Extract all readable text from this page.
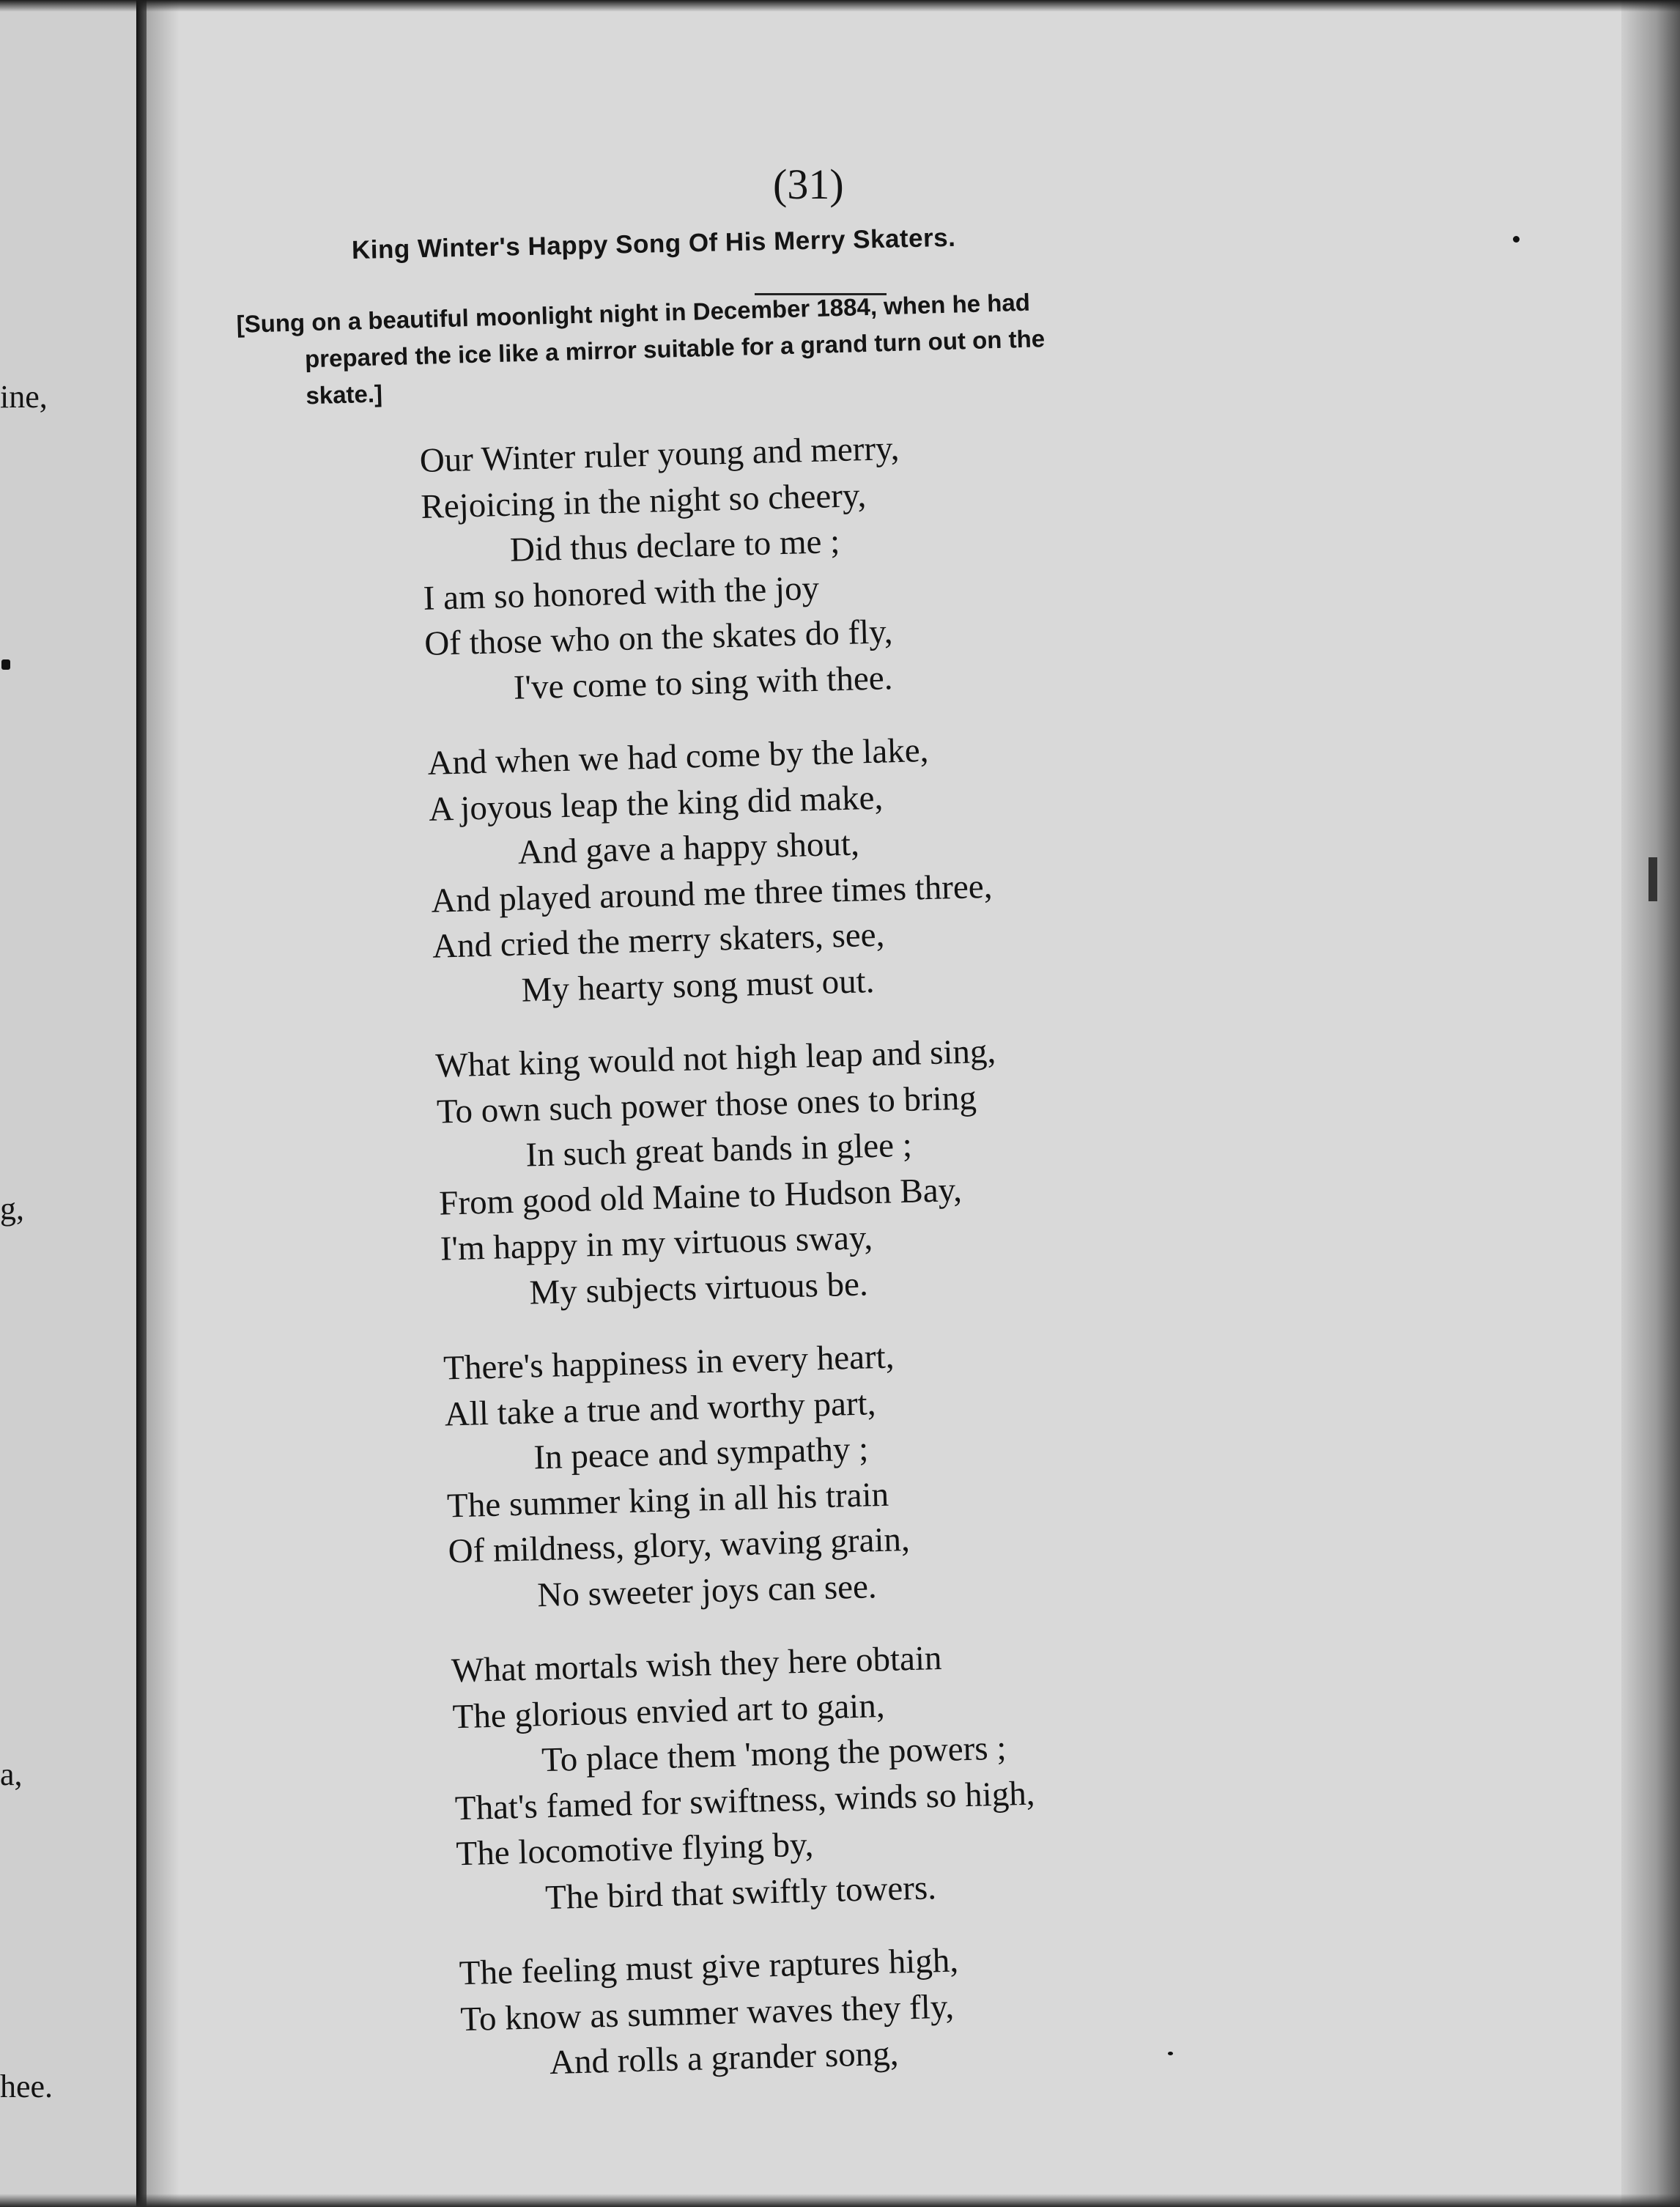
ine,
g,
a,
hee.
(31)
King Winter's Happy Song Of His Merry Skaters.
[Sung on a beautiful moonlight night in December 1884, when he had
prepared the ice like a mirror suitable for a grand turn out on the
skate.]
Our Winter ruler young and merry,
Rejoicing in the night so cheery,
Did thus declare to me ;
I am so honored with the joy
Of those who on the skates do fly,
I've come to sing with thee.
And when we had come by the lake,
A joyous leap the king did make,
And gave a happy shout,
And played around me three times three,
And cried the merry skaters, see,
My hearty song must out.
What king would not high leap and sing,
To own such power those ones to bring
In such great bands in glee ;
From good old Maine to Hudson Bay,
I'm happy in my virtuous sway,
My subjects virtuous be.
There's happiness in every heart,
All take a true and worthy part,
In peace and sympathy ;
The summer king in all his train
Of mildness, glory, waving grain,
No sweeter joys can see.
What mortals wish they here obtain
The glorious envied art to gain,
To place them 'mong the powers ;
That's famed for swiftness, winds so high,
The locomotive flying by,
The bird that swiftly towers.
The feeling must give raptures high,
To know as summer waves they fly,
And rolls a grander song,
